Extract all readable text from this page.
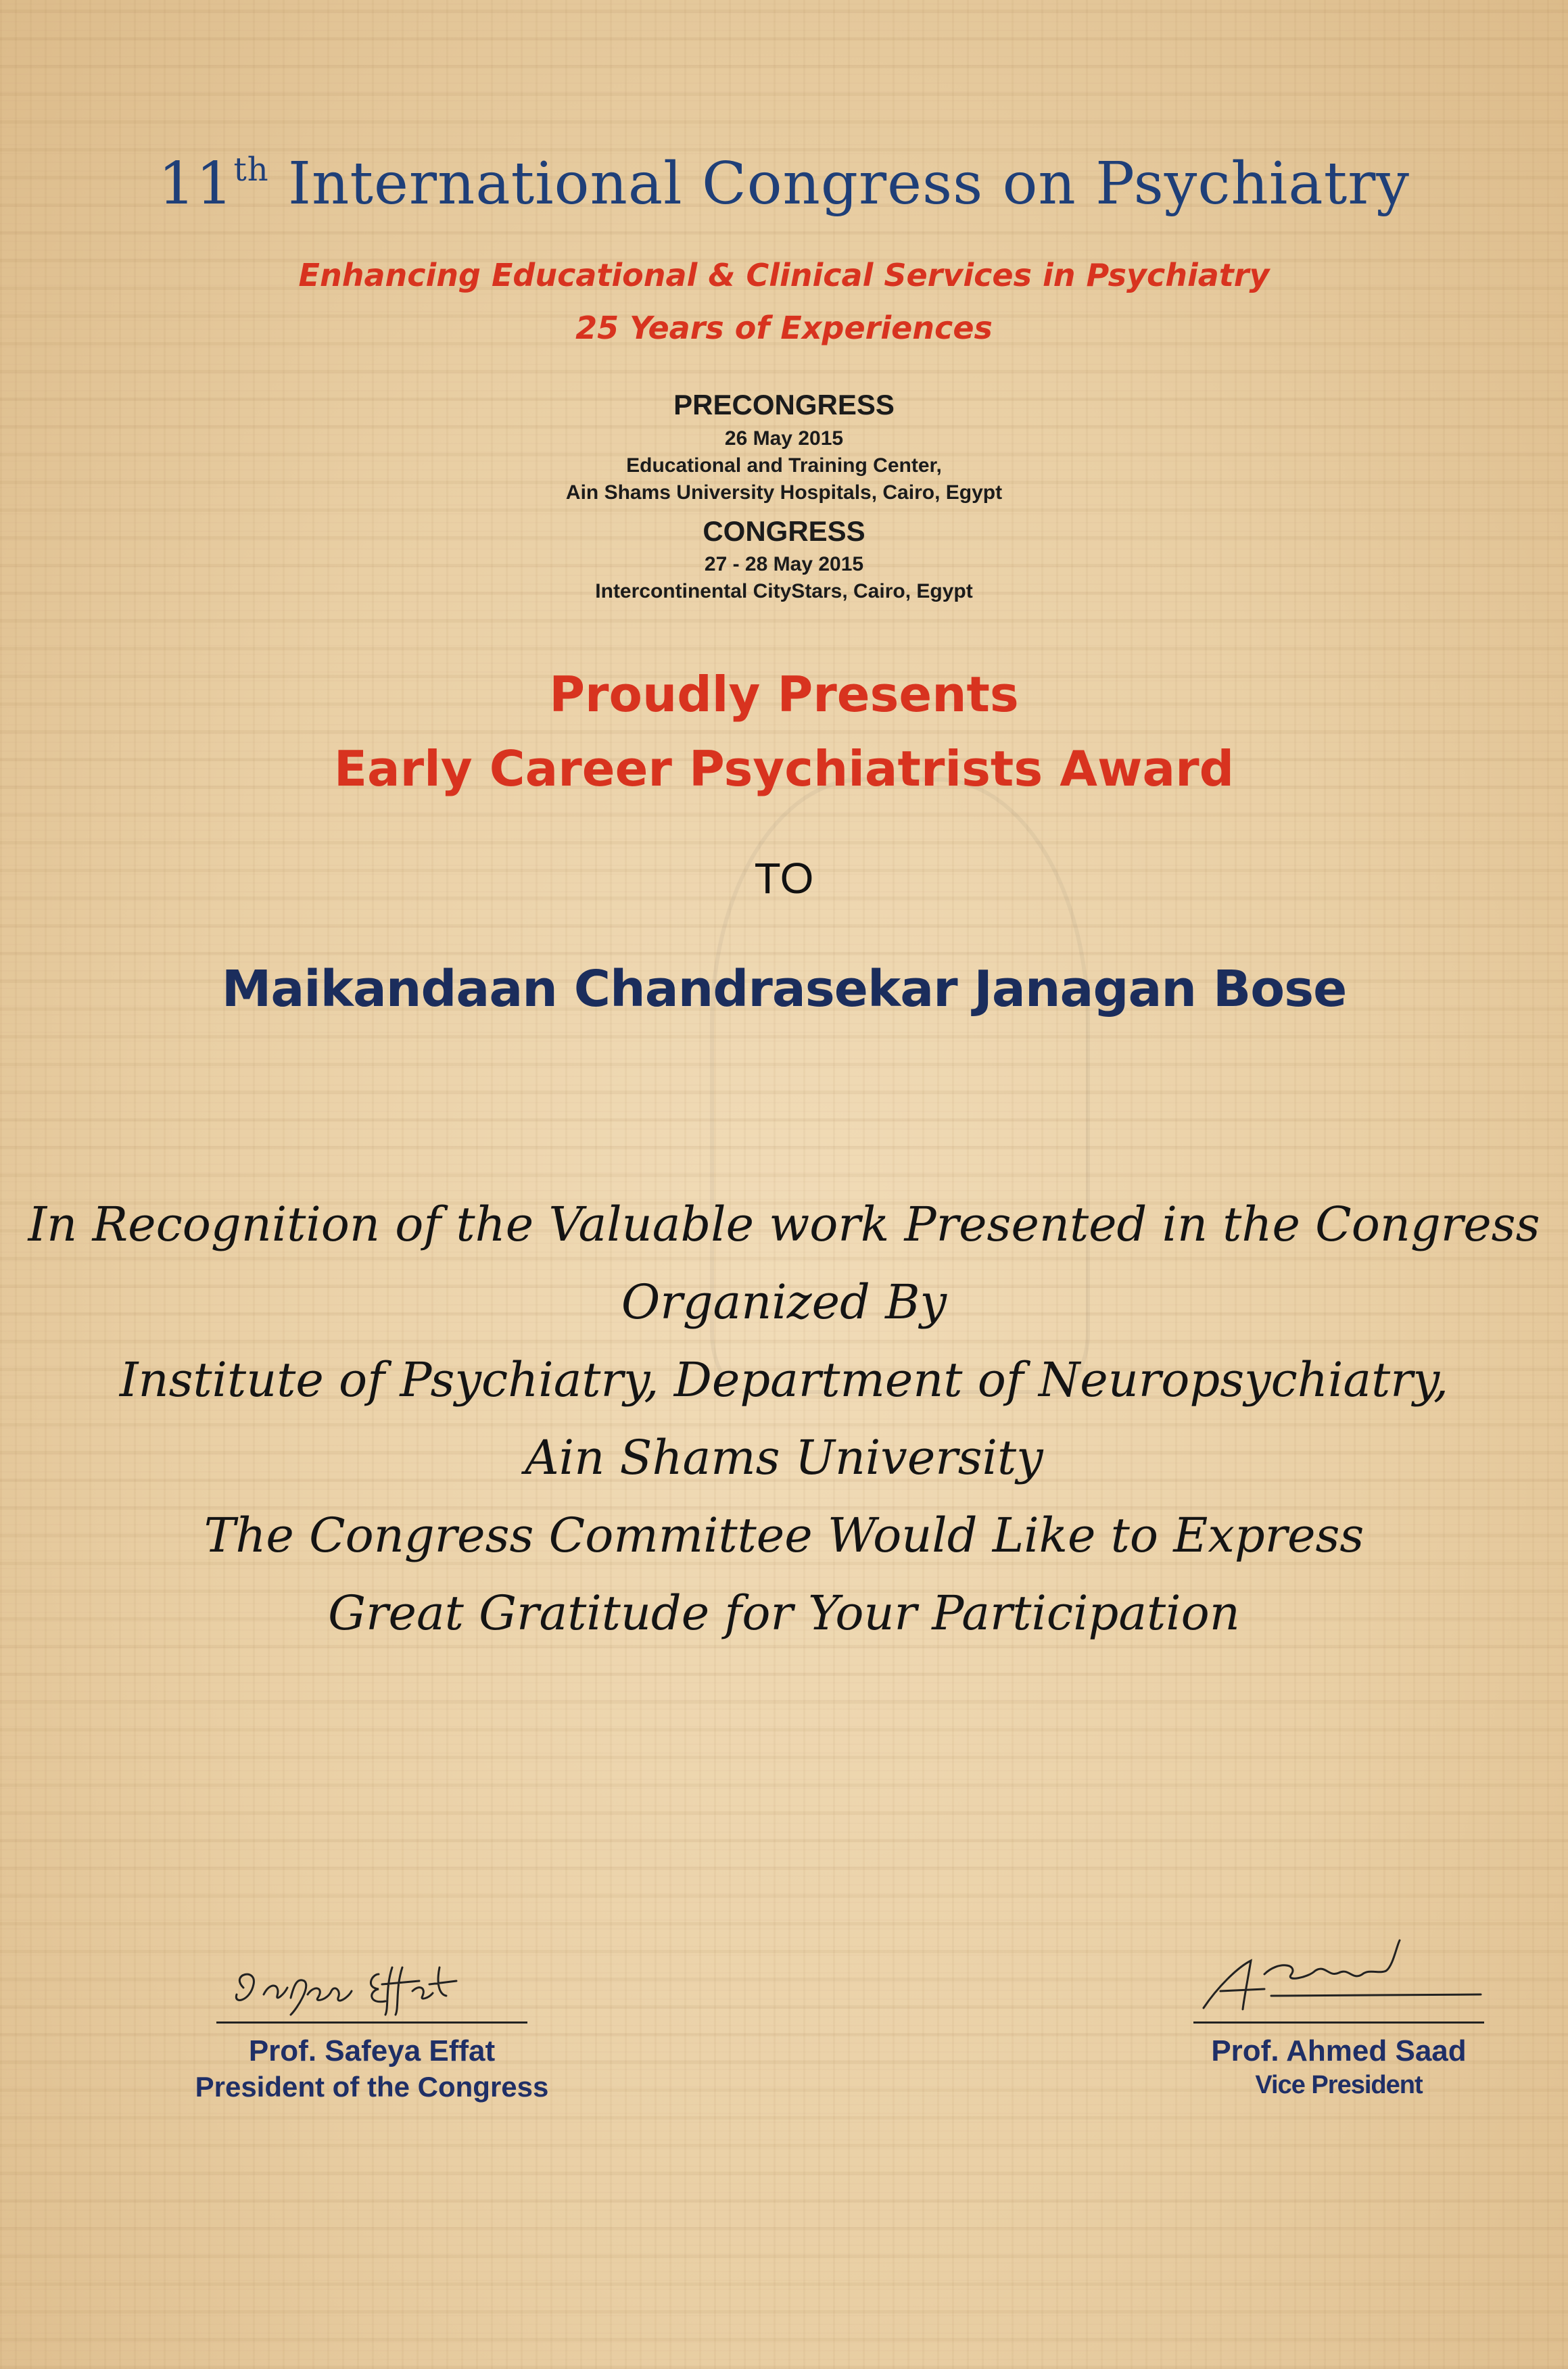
11th International Congress on Psychiatry
Enhancing Educational & Clinical Services in Psychiatry
25 Years of Experiences
PRECONGRESS
26 May 2015
Educational and Training Center,
Ain Shams University Hospitals, Cairo, Egypt
CONGRESS
27 - 28 May 2015
Intercontinental CityStars, Cairo, Egypt
Proudly Presents
Early Career Psychiatrists Award
TO
Maikandaan Chandrasekar Janagan Bose
In Recognition of the Valuable work Presented in the Congress
Organized By
Institute of Psychiatry, Department of Neuropsychiatry,
Ain Shams University
The Congress Committee Would Like to Express
Great Gratitude for Your Participation
Prof. Safeya Effat
President of the Congress
Prof. Ahmed Saad
Vice President
